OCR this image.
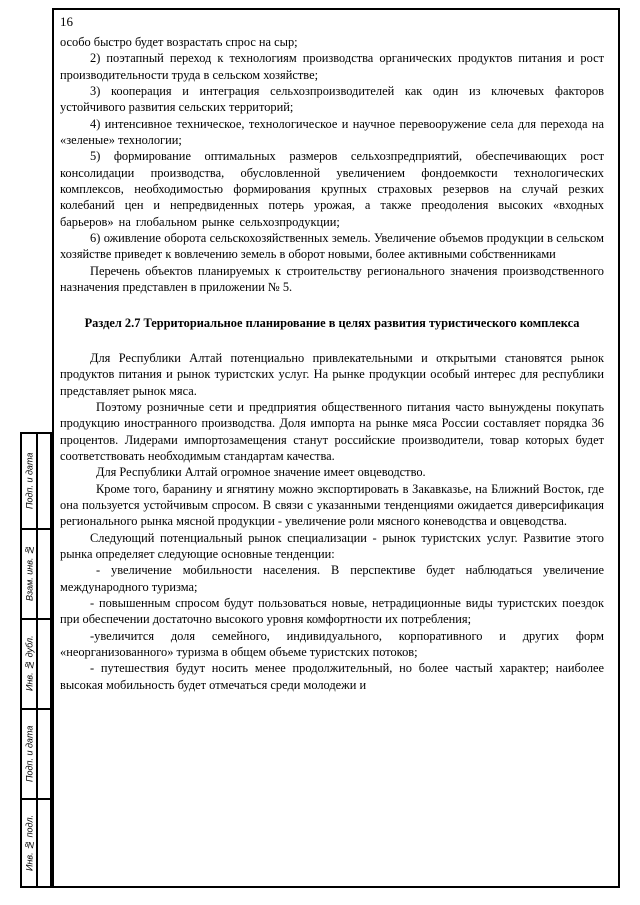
16

особо быстро будет возрастать спрос на сыр;

2) поэтапный переход к технологиям производства органических продуктов питания и рост производительности труда в сельском хозяйстве;

3) кооперация и интеграция сельхозпроизводителей как один из ключевых факторов устойчивого развития сельских территорий;

4) интенсивное техническое, технологическое и научное перевооружение села для перехода на «зеленые» технологии;

5) формирование оптимальных размеров сельхозпредприятий, обеспечивающих рост консолидации производства, обусловленной увеличением фондоемкости технологических комплексов, необходимостью формирования крупных страховых резервов на случай резких колебаний цен и непредвиденных потерь урожая, а также преодоления высоких «входных барьеров» на глобальном рынке сельхозпродукции;

6) оживление оборота сельскохозяйственных земель. Увеличение объемов продукции в сельском хозяйстве приведет к вовлечению земель в оборот новыми, более активными собственниками

Перечень объектов планируемых к строительству регионального значения производственного назначения представлен в приложении № 5.

Раздел 2.7 Территориальное планирование в целях развития туристического комплекса

Для Республики Алтай потенциально привлекательными и открытыми становятся рынок продуктов питания и рынок туристских услуг. На рынке продукции особый интерес для республики представляет рынок мяса.

Поэтому розничные сети и предприятия общественного питания часто вынуждены покупать продукцию иностранного производства. Доля импорта на рынке мяса России составляет порядка 36 процентов. Лидерами импортозамещения станут российские производители, товар которых будет соответствовать необходимым стандартам качества.

Для Республики Алтай огромное значение имеет овцеводство.

Кроме того, баранину и ягнятину можно экспортировать в Закавказье, на Ближний Восток, где она пользуется устойчивым спросом. В связи с указанными тенденциями ожидается диверсификация регионального рынка мясной продукции - увеличение роли мясного коневодства и овцеводства.

Следующий потенциальный рынок специализации - рынок туристских услуг. Развитие этого рынка определяет следующие основные тенденции:

- увеличение мобильности населения. В перспективе будет наблюдаться увеличение международного туризма;

- повышенным спросом будут пользоваться новые, нетрадиционные виды туристских поездок при обеспечении достаточно высокого уровня комфортности их потребления;

-увеличится доля семейного, индивидуального, корпоративного и других форм «неорганизованного» туризма в общем объеме туристских потоков;

- путешествия будут носить менее продолжительный, но более частый характер; наиболее высокая мобильность будет отмечаться среди молодежи и

Подп. и дата
Взам. инв. №
Инв. № дубл.
Подп. и дата
Инв. № подл.
